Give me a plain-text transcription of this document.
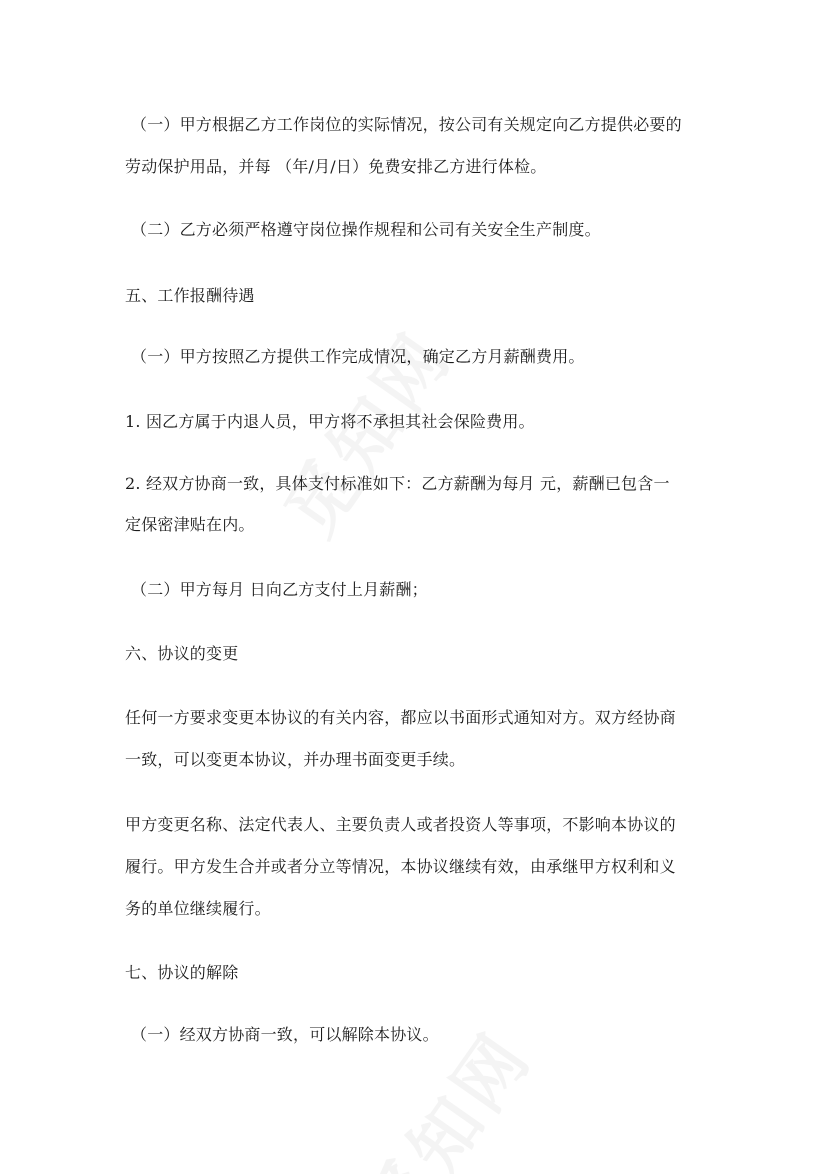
（一）甲方根据乙方工作岗位的实际情况，按公司有关规定向乙方提供必要的
劳动保护用品，并每 （年/月/日）免费安排乙方进行体检。
（二）乙方必须严格遵守岗位操作规程和公司有关安全生产制度。
五、工作报酬待遇
（一）甲方按照乙方提供工作完成情况，确定乙方月薪酬费用。
1. 因乙方属于内退人员，甲方将不承担其社会保险费用。
2. 经双方协商一致，具体支付标准如下：乙方薪酬为每月 元，薪酬已包含一
定保密津贴在内。
（二）甲方每月 日向乙方支付上月薪酬；
六、协议的变更
任何一方要求变更本协议的有关内容，都应以书面形式通知对方。双方经协商
一致，可以变更本协议，并办理书面变更手续。
甲方变更名称、法定代表人、主要负责人或者投资人等事项，不影响本协议的
履行。甲方发生合并或者分立等情况，本协议继续有效，由承继甲方权利和义
务的单位继续履行。
七、协议的解除
（一）经双方协商一致，可以解除本协议。
